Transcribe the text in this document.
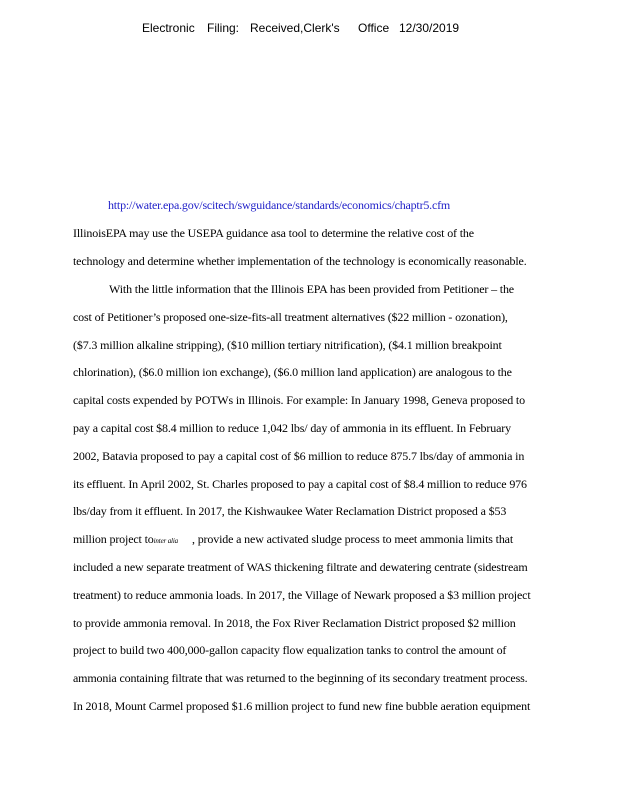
Electronic Filing: Received,Clerk's Office 12/30/2019
http://water.epa.gov/scitech/swguidance/standards/economics/chaptr5.cfm
IllinoisEPA may use the USEPA guidance asa tool to determine the relative cost of the
technology and determine whether implementation of the technology is economically reasonable.
With the little information that the Illinois EPA has been provided from Petitioner – the
cost of Petitioner’s proposed one-size-fits-all treatment alternatives ($22 million - ozonation),
($7.3 million alkaline stripping), ($10 million tertiary nitrification), ($4.1 million breakpoint
chlorination), ($6.0 million ion exchange), ($6.0 million land application) are analogous to the
capital costs expended by POTWs in Illinois. For example: In January 1998, Geneva proposed to
pay a capital cost $8.4 million to reduce 1,042 lbs/ day of ammonia in its effluent. In February
2002, Batavia proposed to pay a capital cost of $6 million to reduce 875.7 lbs/day of ammonia in
its effluent. In April 2002, St. Charles proposed to pay a capital cost of $8.4 million to reduce 976
lbs/day from it effluent. In 2017, the Kishwaukee Water Reclamation District proposed a $53
million project tointer alia , provide a new activated sludge process to meet ammonia limits that
included a new separate treatment of WAS thickening filtrate and dewatering centrate (sidestream
treatment) to reduce ammonia loads. In 2017, the Village of Newark proposed a $3 million project
to provide ammonia removal. In 2018, the Fox River Reclamation District proposed $2 million
project to build two 400,000-gallon capacity flow equalization tanks to control the amount of
ammonia containing filtrate that was returned to the beginning of its secondary treatment process.
In 2018, Mount Carmel proposed $1.6 million project to fund new fine bubble aeration equipment
